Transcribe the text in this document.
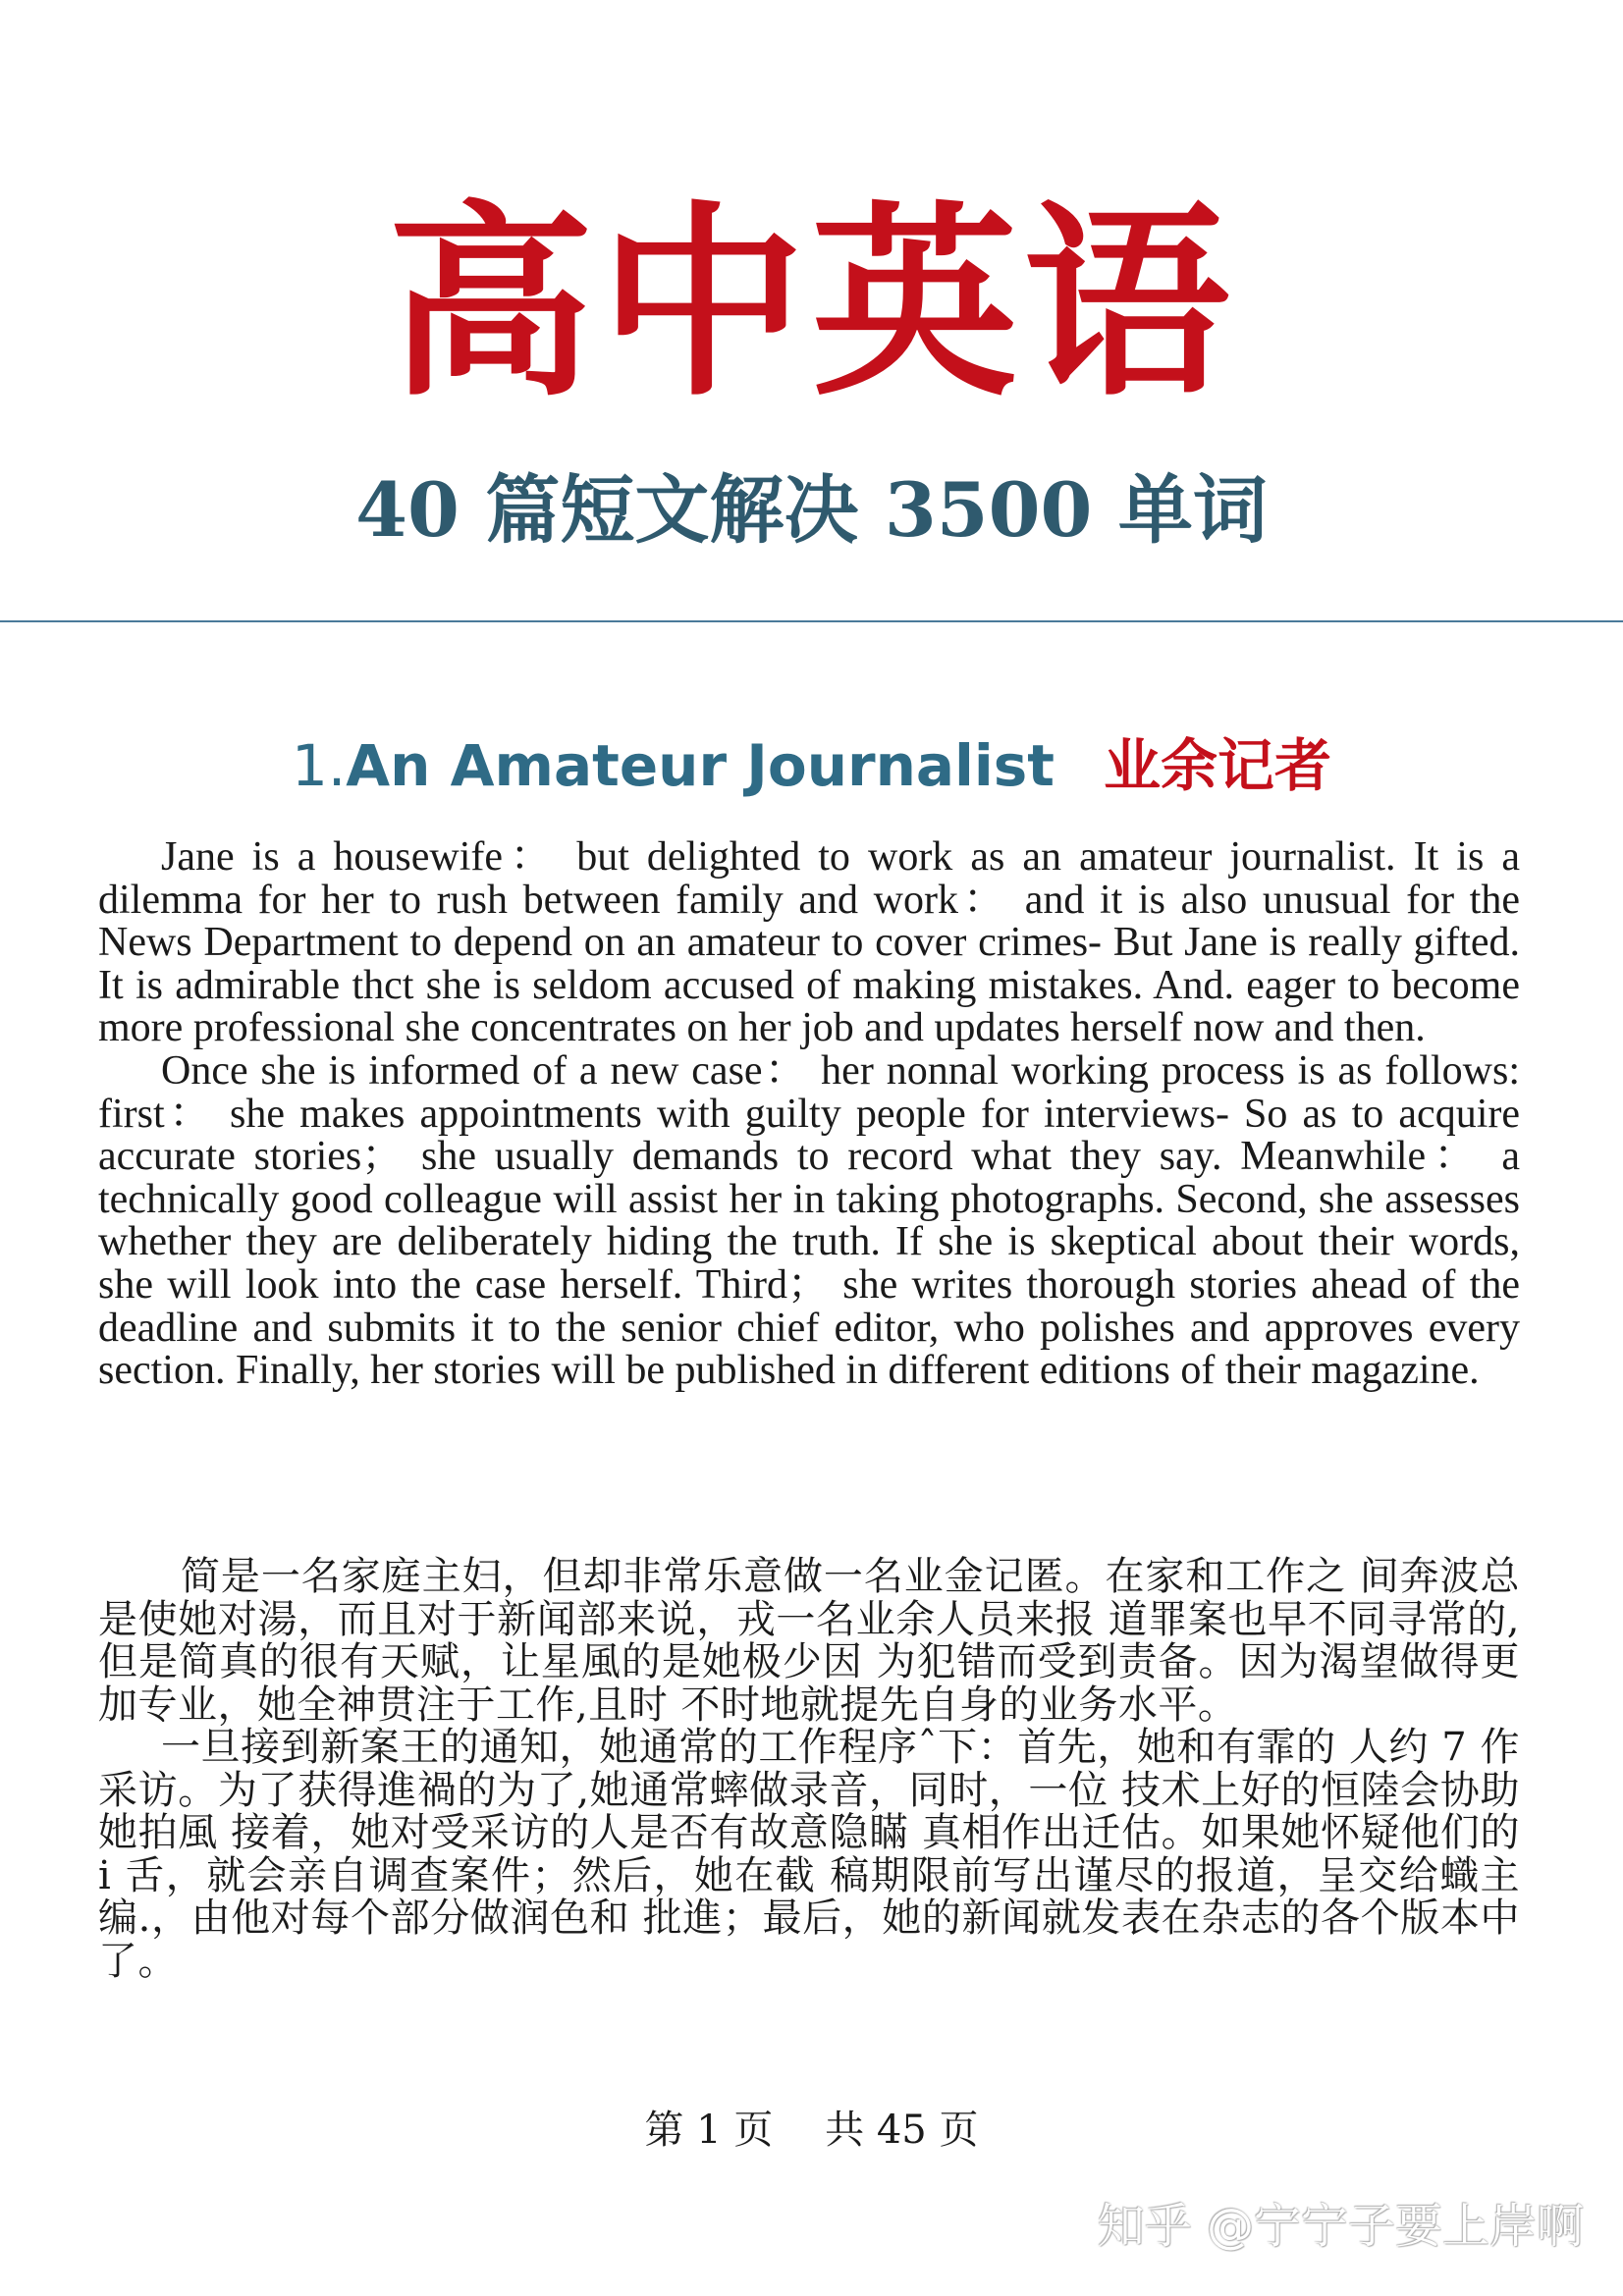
高中英语
40 篇短文解决 3500 单词
1.An Amateur Journalist 业余记者

Jane is a housewife： but delighted to work as an amateur journalist. It is a dilemma for her to rush between family and work： and it is also unusual for the News Department to depend on an amateur to cover crimes- But Jane is really gifted. It is admirable thct she is seldom accused of making mistakes. And. eager to become more professional she concentrates on her job and updates herself now and then.

Once she is informed of a new case： her nonnal working process is as follows: first： she makes appointments with guilty people for interviews- So as to acquire accurate stories； she usually demands to record what they say. Meanwhile： a technically good colleague will assist her in taking photographs. Second, she assesses whether they are deliberately hiding the truth. If she is skeptical about their words, she will look into the case herself. Third； she writes thorough stories ahead of the deadline and submits it to the senior chief editor, who polishes and approves every section. Finally, her stories will be published in different editions of their magazine.

简是一名家庭主妇，但却非常乐意做一名业金记匿。在家和工作之 间奔波总是使她对湯，而且对于新闻部来说，戎一名业余人员来报 道罪案也早不同寻常的,但是简真的很有天赋，让星風的是她极少因 为犯错而受到责备。因为渴望做得更加专业，她全神贯注于工作,且时 不时地就提先自身的业务水平。

一旦接到新案王的通知，她通常的工作程序ˆ下：首先，她和有霏的 人约 7 作采访。为了获得進禍的为了,她通常蟀做录音，同时，一位 技术上好的恒陸会协助她拍風 接着，她对受采访的人是否有故意隐瞞 真相作出迁估。如果她怀疑他们的 i 舌，就会亲自调查案件；然后，她在截 稿期限前写出谨尽的报道，呈交给蟙主编.，由他对每个部分做润色和 批進；最后，她的新闻就发表在杂志的各个版本中了。

第 1 页　 共 45 页
知乎 @宁宁子要上岸啊
